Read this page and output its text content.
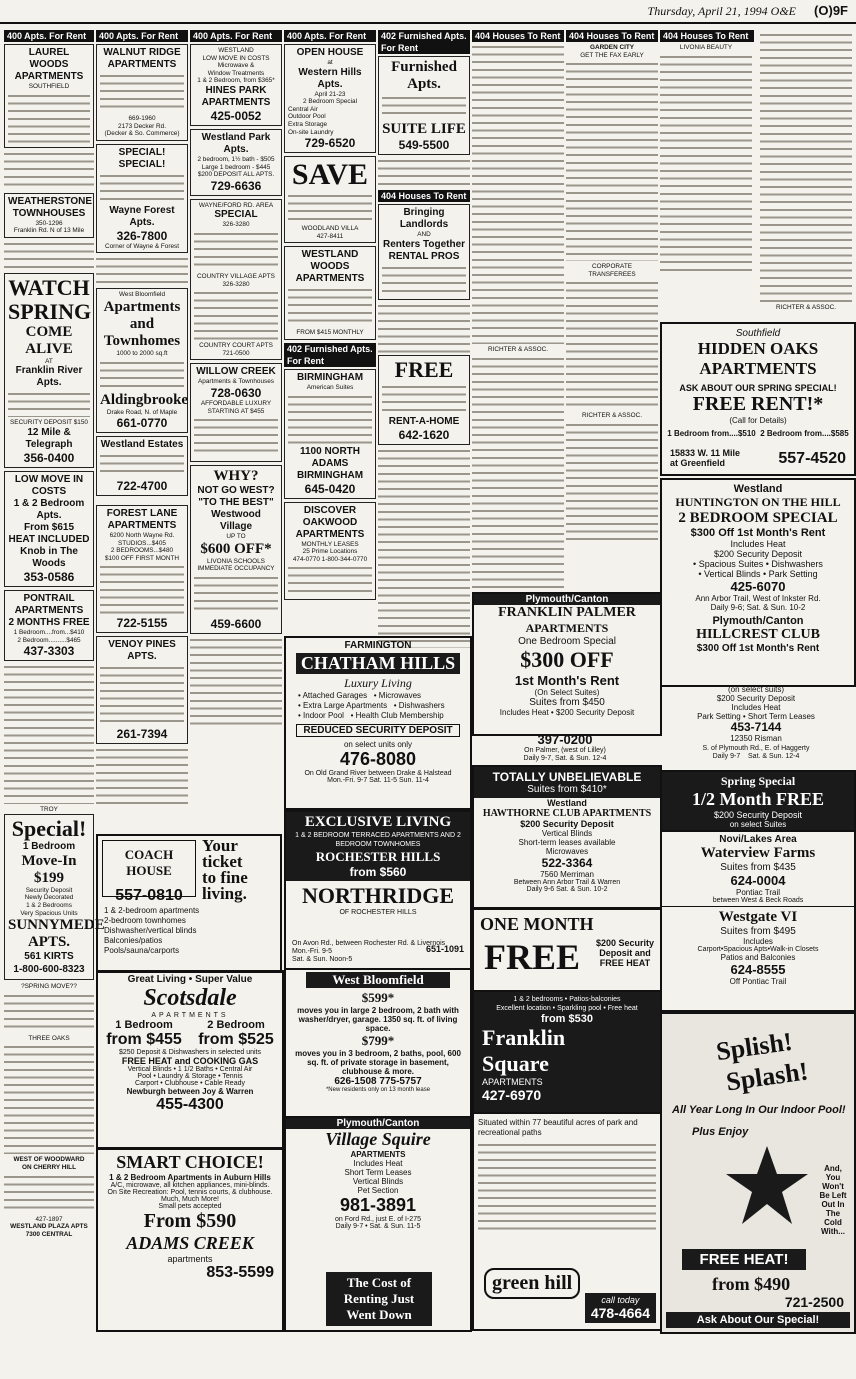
Thursday, April 21, 1994 O&E (O)9F
400 Apts. For Rent
LAUREL WOODS APARTMENTS
SOUTHFIELD
WEATHERSTONE
TOWNHOUSES
350-1296
Franklin Rd. N of 13 Mile
WATCH
SPRING
COME
ALIVE
AT
Franklin River Apts.
SECURITY DEPOSIT $150
12 Mile & Telegraph
356-0400
LOW MOVE IN COSTS
1 & 2 Bedroom Apts.
From $615
HEAT INCLUDED
Knob in The Woods
353-0586
PONTRAIL
APARTMENTS
2 MONTHS FREE
1 Bedroom....from...$410
2 Bedroom..........$465
437-3303
TROY
Special!
1 Bedroom
Move-In
$199
Security Deposit
Newly Decorated
1 & 2 Bedrooms
Very Spacious Units
SUNNYMEDE
APTS.
561 KIRTS
1-800-600-8323
?SPRING MOVE??
THREE OAKS
WEST OF WOODWARD
ON CHERRY HILL
427-1897
WESTLAND PLAZA APTS
7300 CENTRAL
400 Apts. For Rent
WALNUT RIDGE
APARTMENTS
669-1960
2173 Decker Rd.
(Decker & So. Commerce)
SPECIAL! SPECIAL!
Wayne Forest Apts.
326-7800
Corner of Wayne & Forest
West Bloomfield
Apartments
and
Townhomes
1000 to 2000 sq.ft
Aldingbrooke
Drake Road, N. of Maple
661-0770
Westland Estates
722-4700
FOREST LANE
APARTMENTS
6200 North Wayne Rd.
STUDIOS...$405
2 BEDROOMS...$480
$100 OFF FIRST MONTH
722-5155
VENOY PINES APTS.
261-7394
COACH HOUSE
557-0810
Your
ticket
to fine
living.
1 & 2-bedroom apartments
2-bedroom townhomes
Dishwasher/vertical blinds
Balconies/patios
Pools/sauna/carports
400 Apts. For Rent
WESTLAND
LOW MOVE IN COSTS
Microwave &
Window Treatments
1 & 2 Bedroom, from $365*
HINES PARK
APARTMENTS
425-0052
Westland Park Apts.
2 bedroom, 1½ bath - $505
Large 1 bedroom - $445
$200 DEPOSIT ALL APTS.
729-6636
WAYNE/FORD RD. AREA
SPECIAL
326-3280
COUNTRY VILLAGE APTS
326-3280
COUNTRY COURT APTS
721-0500
WILLOW CREEK
Apartments & Townhouses
728-0630
AFFORDABLE LUXURY
STARTING AT $455
WHY?
NOT GO WEST?
"TO THE BEST"
Westwood Village
UP TO
$600 OFF*
LIVONIA SCHOOLS
IMMEDIATE OCCUPANCY
459-6600
400 Apts. For Rent
OPEN HOUSE
at
Western Hills Apts.
April 21-23
2 Bedroom Special
Central Air
Outdoor Pool
Extra Storage
On-site Laundry
729-6520
SAVE
WOODLAND VILLA
427-8411
WESTLAND WOODS
APARTMENTS
FROM $415 MONTHLY
402 Furnished Apts. For Rent
BIRMINGHAM
American Suites
1100 NORTH ADAMS
BIRMINGHAM
645-0420
DISCOVER OAKWOOD
APARTMENTS
MONTHLY LEASES
25 Prime Locations
474-0770 1-800-344-0770
402 Furnished Apts. For Rent
Furnished Apts.
SUITE LIFE
549-5500
404 Houses To Rent
Bringing Landlords
AND
Renters Together
RENTAL PROS
FREE
RENT-A-HOME
642-1620
404 Houses To Rent
RICHTER & ASSOC.
404 Houses To Rent
GARDEN CITY
GET THE FAX EARLY
CORPORATE
TRANSFEREES
RICHTER & ASSOC.
404 Houses To Rent
LIVONIA BEAUTY
RICHTER & ASSOC.
Southfield
HIDDEN OAKS
APARTMENTS
ASK ABOUT OUR SPRING SPECIAL!
FREE RENT!*
(Call for Details)
1 Bedroom from....$510 2 Bedroom from....$585
15833 W. 11 Mile
at Greenfield	557-4520
Westland
HUNTINGTON ON THE HILL
2 BEDROOM SPECIAL
$300 Off 1st Month's Rent
Includes Heat
$200 Security Deposit
• Spacious Suites • Dishwashers
• Vertical Blinds • Park Setting
425-6070
Ann Arbor Trail, West of Inkster Rd.
Daily 9-6; Sat. & Sun. 10-2
Plymouth/Canton
HILLCREST CLUB
$300 Off 1st Month's Rent
(on select suits)
$200 Security Deposit
Includes Heat
Park Setting • Short Term Leases
453-7144
12350 Risman
S. of Plymouth Rd., E. of Haggerty
Daily 9-7 Sat. & Sun. 12-4
Spring Special
1/2 Month FREE
$200 Security Deposit
on select Suites
Novi/Lakes Area
Waterview Farms
Suites from $435
624-0004
Pontiac Trail
between West & Beck Roads
Westgate VI
Suites from $495
Includes
Carport•Spacious Apts•Walk-in Closets
Patios and Balconies
624-8555
Off Pontiac Trail
Splish!
Splash!
All Year Long In Our Indoor Pool!
Plus Enjoy
And, You Won't Be Left Out In The Cold With...
FREE HEAT!
from $490
721-2500
Ask About Our Special!
Plymouth/Canton
FRANKLIN PALMER
APARTMENTS
One Bedroom Special
$300 OFF
1st Month's Rent
(On Select Suites)
Suites from $450
Includes Heat • $200 Security Deposit
397-0200
On Palmer, (west of Lilley)
Daily 9-7, Sat. & Sun. 12-4
TOTALLY UNBELIEVABLE
Suites from $410*
Westland
HAWTHORNE CLUB APARTMENTS
$200 Security Deposit
Vertical Blinds
Short-term leases available
Microwaves
522-3364
7560 Merriman
Between Ann Arbor Trail & Warren
Daily 9-6 Sat. & Sun. 10-2
ONE MONTH
FREE $200 Security
Deposit and
FREE HEAT
1 & 2 bedrooms • Patios-balconies
Excellent location • Sparkling pool • Free heat
from $530
Franklin
Square
APARTMENTS
427-6970
Situated within 77 beautiful acres of park and recreational paths
green hill
call today
478-4664
FARMINGTON
CHATHAM HILLS
Luxury Living
• Attached Garages   • Microwaves
• Extra Large Apartments   • Dishwashers
• Indoor Pool   • Health Club Membership
REDUCED SECURITY DEPOSIT
on select units only
476-8080
On Old Grand River between Drake & Halstead
Mon.-Fri. 9-7 Sat. 11-5 Sun. 11-4
EXCLUSIVE LIVING
1 & 2 BEDROOM TERRACED APARTMENTS AND 2 BEDROOM TOWNHOMES
ROCHESTER HILLS
from $560
NORTHRIDGE
OF ROCHESTER HILLS
On Avon Rd., between Rochester Rd. & Livernois
Mon.-Fri. 9-5
Sat. & Sun. Noon-5
651-1091
West Bloomfield
$599*
moves you in large 2 bedroom, 2 bath with washer/dryer, garage. 1350 sq. ft. of living space.
$799*
moves you in 3 bedroom, 2 baths, pool, 600 sq. ft. of private storage in basement, clubhouse & more.
626-1508 775-5757
*New residents only on 13 month lease
Plymouth/Canton
Village Squire
APARTMENTS
Includes Heat
Short Term Leases
Vertical Blinds
Pet Section
981-3891
on Ford Rd., just E. of I-275
Daily 9-7 • Sat. & Sun. 11-5
The Cost of Renting Just Went Down
Great Living • Super Value
Scotsdale
APARTMENTS
1 Bedroom
from $455
2 Bedroom
from $525
$250 Deposit & Dishwashers in selected units
FREE HEAT and COOKING GAS
Vertical Blinds • 1 1/2 Baths • Central Air
Pool • Laundry & Storage • Tennis
Carport • Clubhouse • Cable Ready
Newburgh between Joy & Warren
455-4300
SMART CHOICE!
1 & 2 Bedroom Apartments in Auburn Hills
A/C, microwave, all kitchen appliances, mini-blinds.
On Site Recreation: Pool, tennis courts, & clubhouse. Much, Much More!
Small pets accepted
From $590
ADAMS CREEK
apartments
853-5599
